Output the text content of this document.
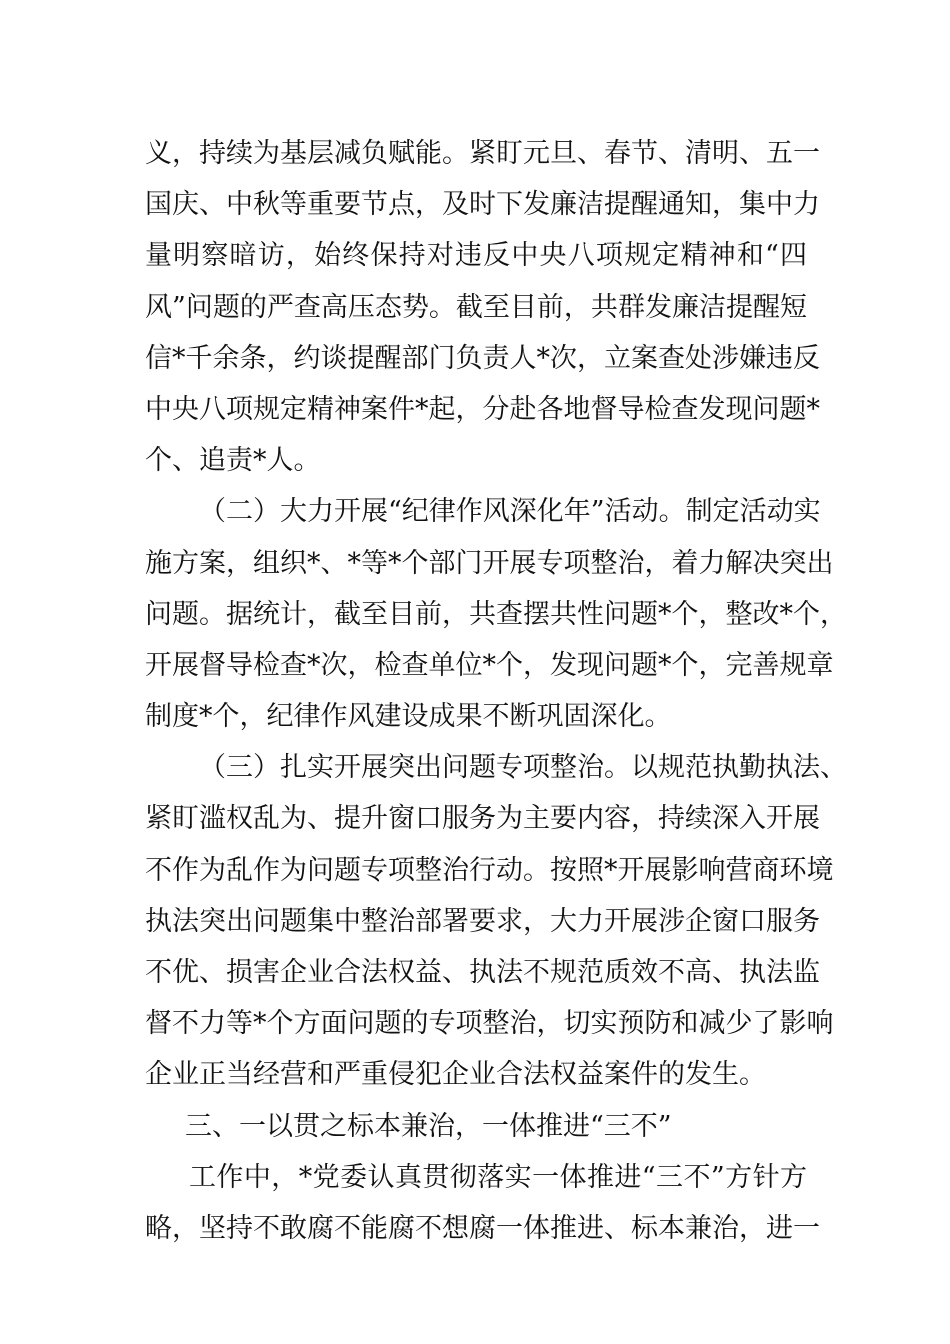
义，持续为基层减负赋能。紧盯元旦、春节、清明、五一
国庆、中秋等重要节点，及时下发廉洁提醒通知，集中力
量明察暗访，始终保持对违反中央八项规定精神和“四
风”问题的严查高压态势。截至目前，共群发廉洁提醒短
信*千余条，约谈提醒部门负责人*次，立案查处涉嫌违反
中央八项规定精神案件*起，分赴各地督导检查发现问题*
个、追责*人。
（二）大力开展“纪律作风深化年”活动。制定活动实
施方案，组织*、*等*个部门开展专项整治，着力解决突出
问题。据统计，截至目前，共查摆共性问题*个，整改*个，
开展督导检查*次，检查单位*个，发现问题*个，完善规章
制度*个，纪律作风建设成果不断巩固深化。
（三）扎实开展突出问题专项整治。以规范执勤执法、
紧盯滥权乱为、提升窗口服务为主要内容，持续深入开展
不作为乱作为问题专项整治行动。按照*开展影响营商环境
执法突出问题集中整治部署要求，大力开展涉企窗口服务
不优、损害企业合法权益、执法不规范质效不高、执法监
督不力等*个方面问题的专项整治，切实预防和减少了影响
企业正当经营和严重侵犯企业合法权益案件的发生。
三、一以贯之标本兼治，一体推进“三不”
工作中，*党委认真贯彻落实一体推进“三不”方针方
略，坚持不敢腐不能腐不想腐一体推进、标本兼治，进一
